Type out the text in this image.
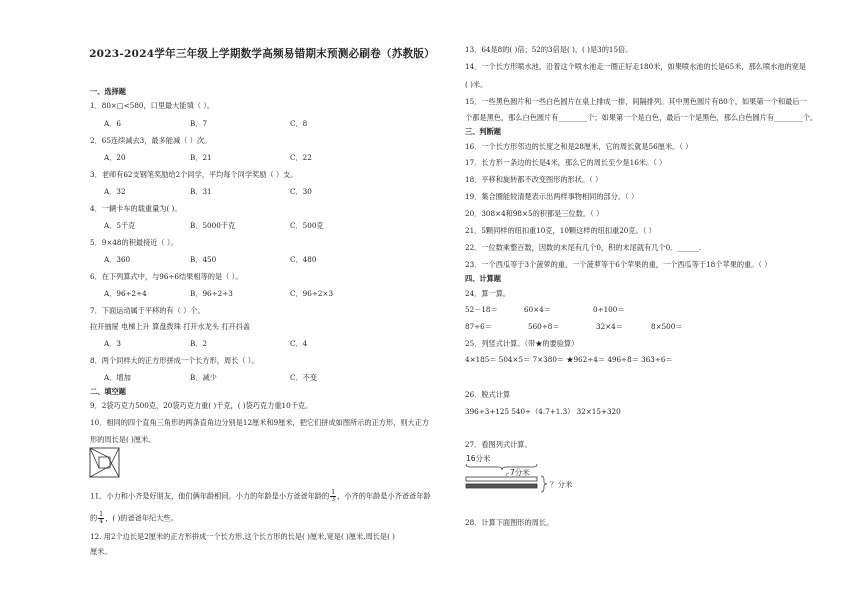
2023-2024学年三年级上学期数学高频易错期末预测必刷卷（苏教版）
一、选择题
1．80×□<580，口里最大能填（ ）。
A．6	B．7	C．8
2．65连续减去3，最多能减（ ）次。
A．20	B．21	C．22
3．老师有62支钢笔奖励给2个同学，平均每个同学奖励（ ）支。
A．32	B．31	C．30
4．一辆卡车的载重量为( )。
A．5千克	B．5000千克	C．500克
5．9×48的积最接近（ ）。
A．360	B．450	C．480
6．在下列算式中，与96÷6结果相等的是（ ）。
A．96÷2÷4	B．96÷2÷3	C．96÷2×3
7．下面运动属于平移的有（ ）个。
拉开抽屉 电梯上升 算盘拨珠 打开水龙头 打开抖盖
A．3	B．2	C．4
8．两个同样大的正方形拼成一个长方形，周长（ ）。
A．增加	B．减少	C．不变
二、填空题
9．2袋巧克力500克，20袋巧克力重( )千克，( )袋巧克力重10千克。
10．相同的四个直角三角形的两条直角边分别是12厘米和9厘米，把它们拼成如图所示的正方形，则大正方
形的周长是( )厘米。
11．小力和小齐是好朋友，他们俩年龄相同。小力的年龄是小方爸爸年龄的 $\frac{1}{3}$ ，小齐的年龄是小齐爸爸年龄
的 $\frac{1}{4}$ ，( )的爸爸年纪大些。
12. 用2个边长是2厘米的正方形拼成一个长方形,这个长方形的长是( )厘米,宽是( )厘米,周长是( )
厘米。
13．64是8的( )倍；52的3倍是( )，( )是3的15倍。
14．一个长方形喷水池，沿着这个喷水池走一圈正好走180米，如果喷水池的长是65米，那么喷水池的宽是
( )米。
15．一些黑色圆片和一些白色圆片在桌上排成一排，间隔排列。其中黑色圆片有80个，如果第一个和最后一
个都是黑色，那么白色圆片有________个；如果第一个是白色，最后一个是黑色，那么白色圆片有________个。
三、判断题
16．一个长方形邻边的长度之和是28厘米，它的周长就是56厘米。（ ）
17．长方形一条边的长是4米，那么它的周长至少是16米。（ ）
18．平移和旋转都不改变图形的形状。（ ）
19．集合圈能较清楚表示出两样事物相同的部分。（ ）
20．308×4和98×5的积都是三位数。（ ）
21．5颗同样的纽扣重10克，10颗这样的纽扣重20克。（ ）
22．一位数乘整百数，因数的末尾有几个0，积的末尾就有几个0．______.
23．一个西瓜等于3个菠萝的重，一个菠萝等于6个苹果的重，一个西瓜等于18个苹果的重。（ ）
四、计算题
24．算一算。
52－18＝	60×4＝	0÷100＝
87÷6＝	560÷8＝	32×4＝	8×500＝
25．列竖式计算。（带★的要验算）
4×185＝ 504×5＝ 7×380＝ ★962÷4＝ 496÷8＝ 363÷6＝
26．脱式计算
396÷3+125 540÷（4.7+1.3） 32×15+320
27．看图列式计算。
16分米
7分米
？分米
28．计算下面图形的周长。
